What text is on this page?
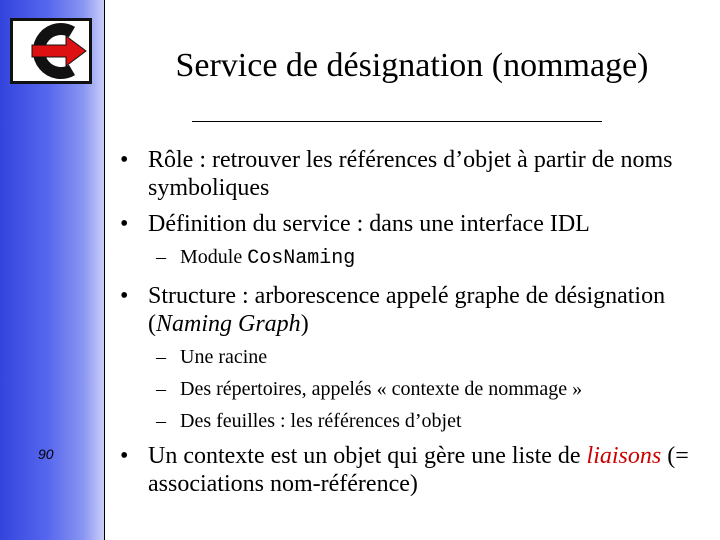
90
Service de désignation (nommage)
• Rôle : retrouver les références d’objet à partir de noms symboliques
• Définition du service : dans une interface IDL
– Module CosNaming
• Structure : arborescence appelé graphe de désignation (Naming Graph)
– Une racine
– Des répertoires, appelés « contexte de nommage »
– Des feuilles : les références d’objet
• Un contexte est un objet qui gère une liste de liaisons (= associations nom-référence)
